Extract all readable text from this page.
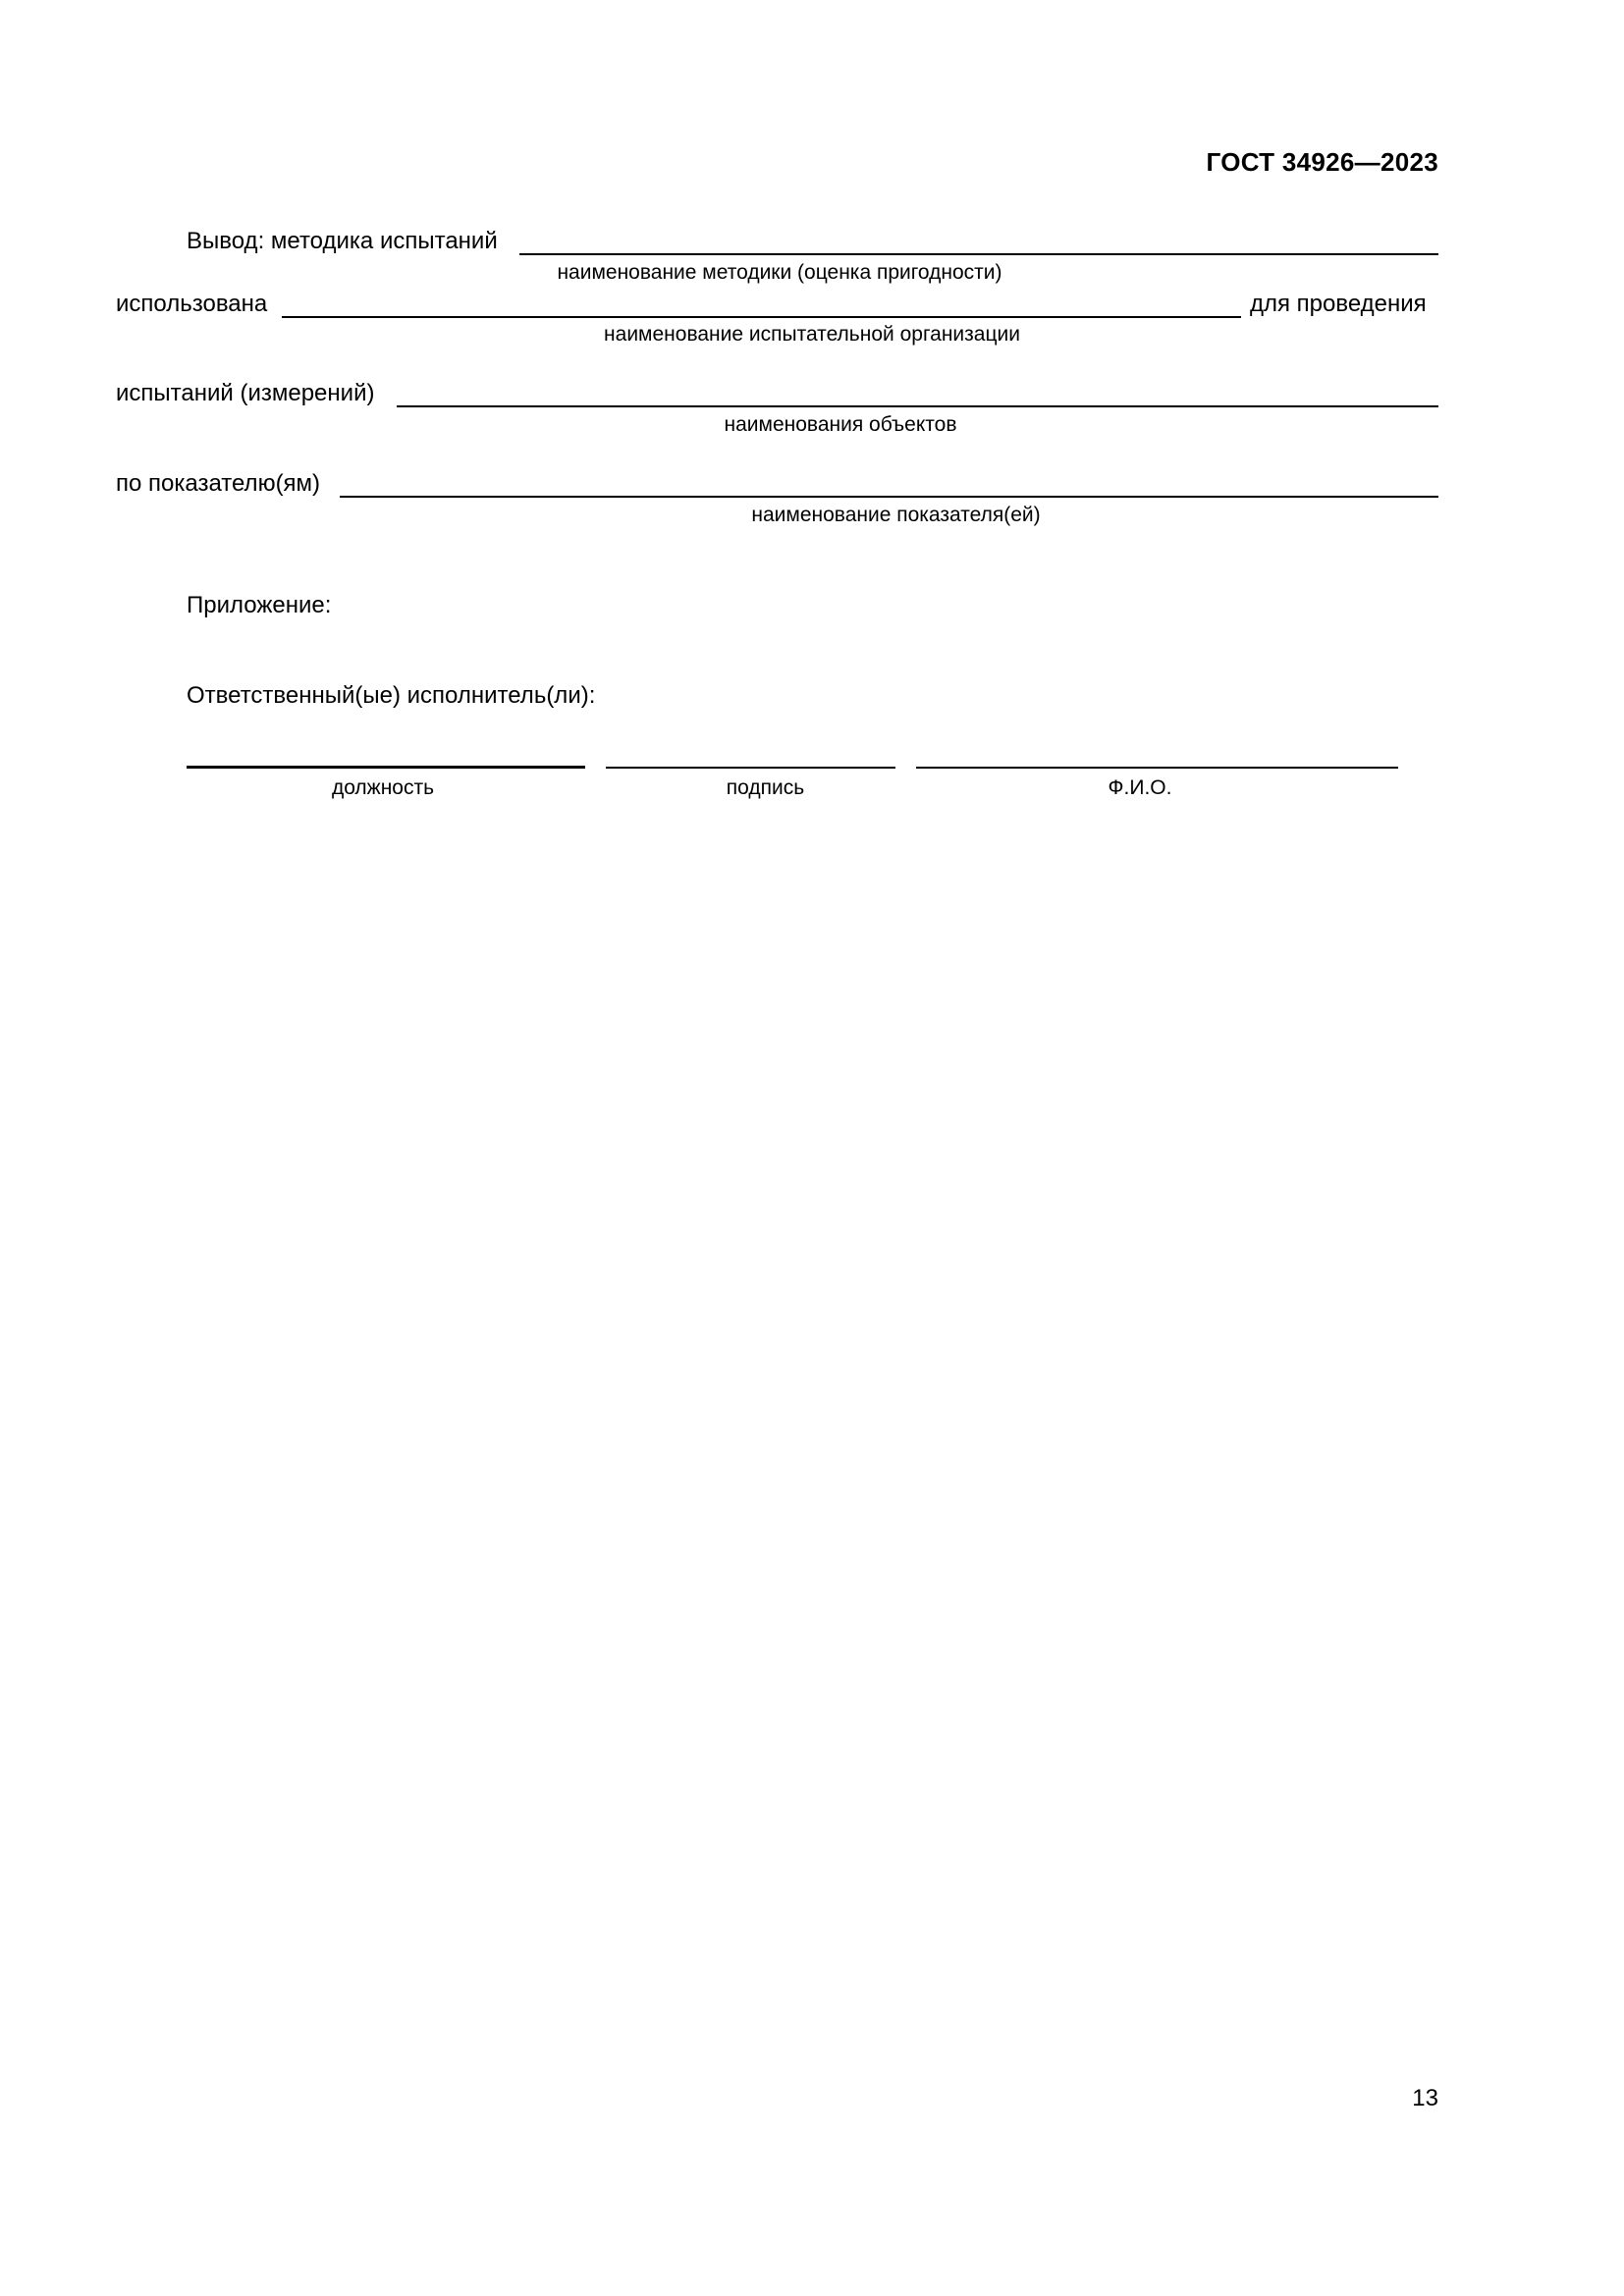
ГОСТ 34926—2023
Вывод: методика испытаний
наименование методики (оценка пригодности)
использована	для проведения
наименование испытательной организации
испытаний (измерений)
наименования объектов
по показателю(ям)
наименование показателя(ей)
Приложение:
Ответственный(ые) исполнитель(ли):
должность	подпись	Ф.И.О.
13
